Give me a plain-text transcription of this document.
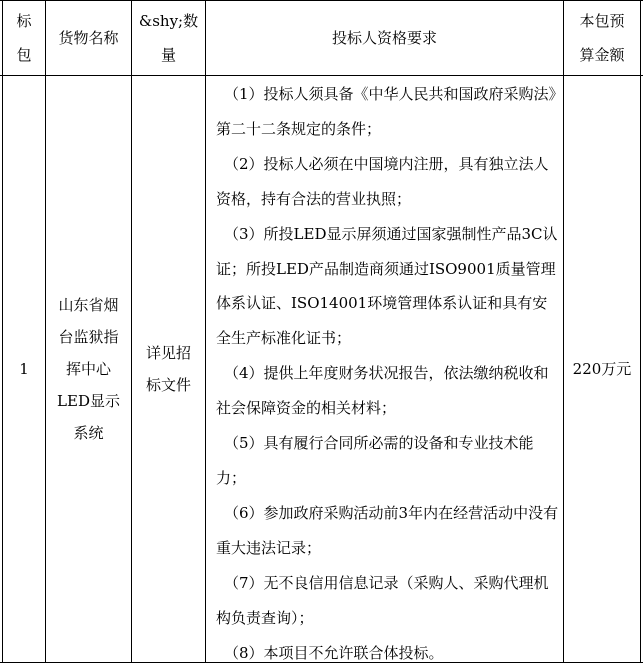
标
包
货物名称
&shy;数
量
投标人资格要求
本包预
算金额
1
山东省烟
台监狱指
挥中心
LED显示
系统
详见招
标文件
（1）投标人须具备《中华人民共和国政府采购法》第二十二条规定的条件；
（2）投标人必须在中国境内注册，具有独立法人资格，持有合法的营业执照；
（3）所投LED显示屏须通过国家强制性产品3C认证；所投LED产品制造商须通过ISO9001质量管理体系认证、ISO14001环境管理体系认证和具有安全生产标准化证书；
（4）提供上年度财务状况报告，依法缴纳税收和社会保障资金的相关材料；
（5）具有履行合同所必需的设备和专业技术能力；
（6）参加政府采购活动前3年内在经营活动中没有重大违法记录；
（7）无不良信用信息记录（采购人、采购代理机构负责查询）；
（8）本项目不允许联合体投标。
220万元
